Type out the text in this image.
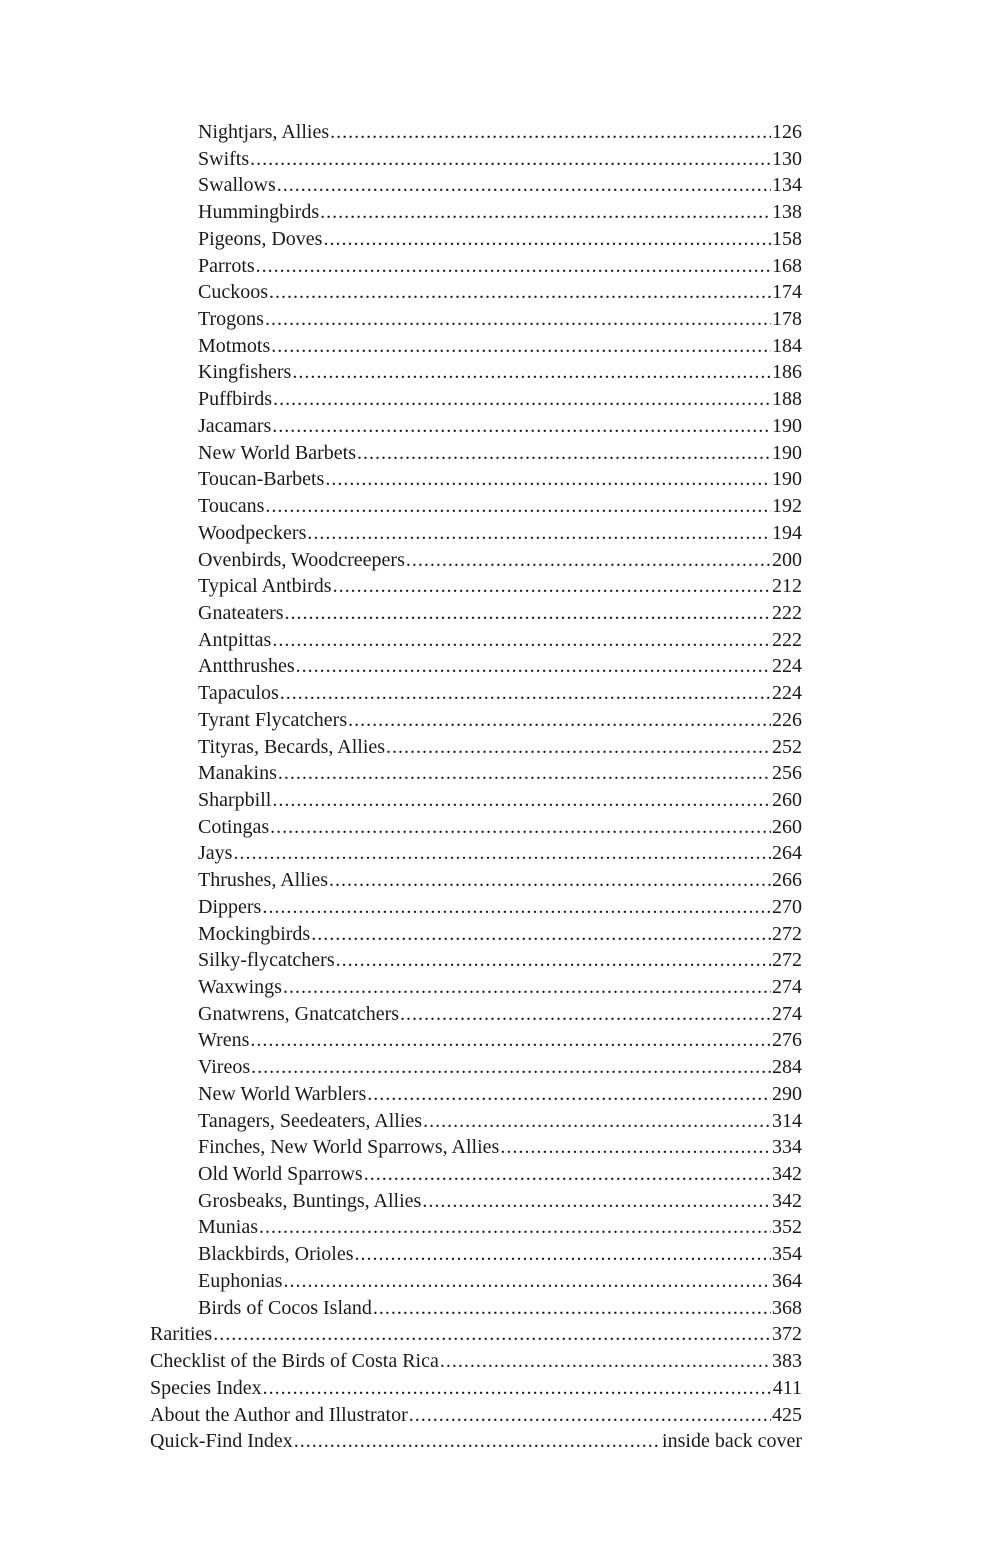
Nightjars, Allies .....	126
Swifts .....	130
Swallows .....	134
Hummingbirds .....	138
Pigeons, Doves .....	158
Parrots .....	168
Cuckoos .....	174
Trogons .....	178
Motmots .....	184
Kingfishers .....	186
Puffbirds .....	188
Jacamars .....	190
New World Barbets .....	190
Toucan-Barbets .....	190
Toucans .....	192
Woodpeckers .....	194
Ovenbirds, Woodcreepers .....	200
Typical Antbirds .....	212
Gnateaters .....	222
Antpittas .....	222
Antthrushes .....	224
Tapaculos .....	224
Tyrant Flycatchers .....	226
Tityras, Becards, Allies .....	252
Manakins .....	256
Sharpbill .....	260
Cotingas .....	260
Jays .....	264
Thrushes, Allies .....	266
Dippers .....	270
Mockingbirds .....	272
Silky-flycatchers .....	272
Waxwings .....	274
Gnatwrens, Gnatcatchers .....	274
Wrens .....	276
Vireos .....	284
New World Warblers .....	290
Tanagers, Seedeaters, Allies .....	314
Finches, New World Sparrows, Allies .....	334
Old World Sparrows .....	342
Grosbeaks, Buntings, Allies .....	342
Munias .....	352
Blackbirds, Orioles .....	354
Euphonias .....	364
Birds of Cocos Island .....	368
Rarities .....	372
Checklist of the Birds of Costa Rica .....	383
Species Index .....	411
About the Author and Illustrator .....	425
Quick-Find Index .....	inside back cover
